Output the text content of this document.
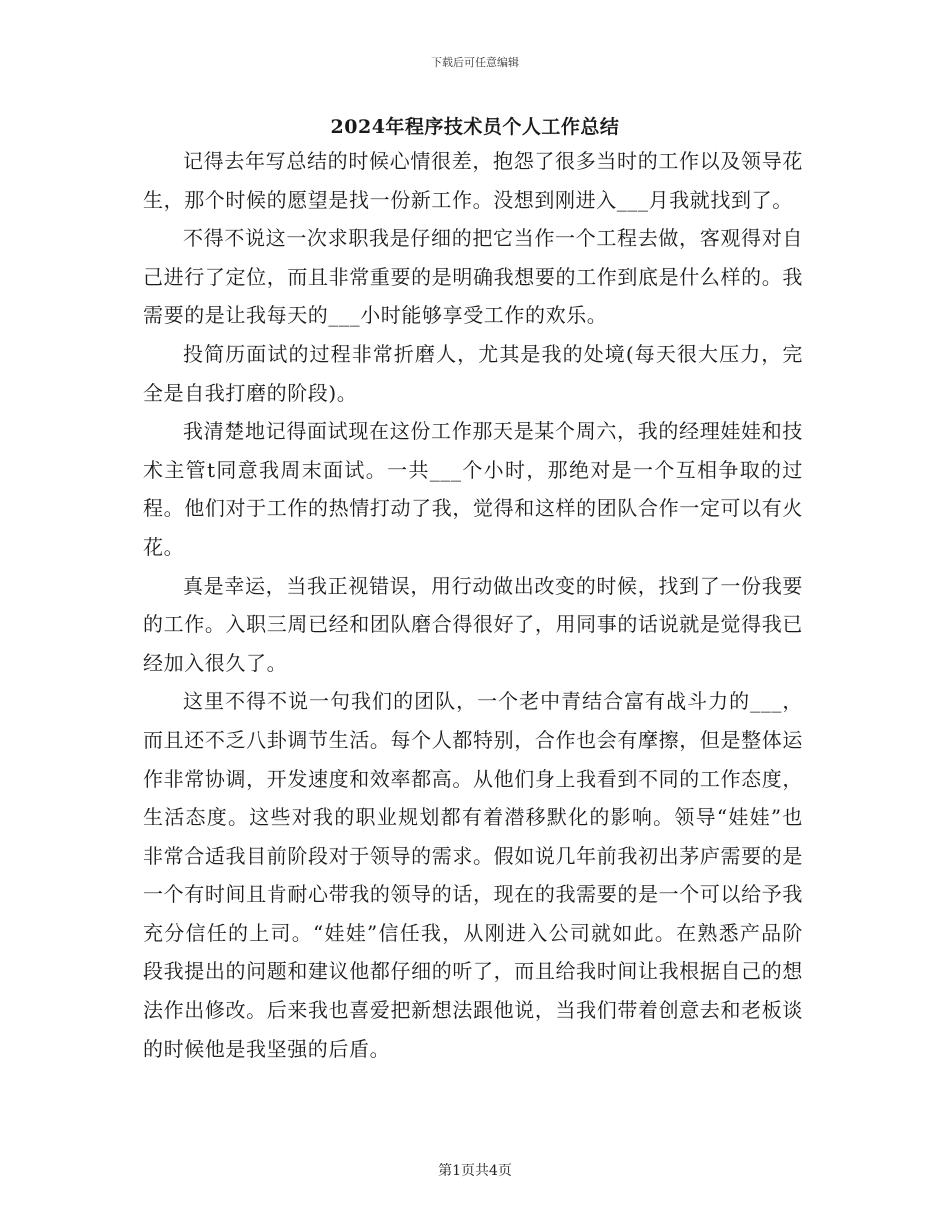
下载后可任意编辑
2024年程序技术员个人工作总结

记得去年写总结的时候心情很差，抱怨了很多当时的工作以及领导花生，那个时候的愿望是找一份新工作。没想到刚进入___月我就找到了。

不得不说这一次求职我是仔细的把它当作一个工程去做，客观得对自己进行了定位，而且非常重要的是明确我想要的工作到底是什么样的。我需要的是让我每天的___小时能够享受工作的欢乐。

投简历面试的过程非常折磨人，尤其是我的处境(每天很大压力，完全是自我打磨的阶段)。

我清楚地记得面试现在这份工作那天是某个周六，我的经理娃娃和技术主管t同意我周末面试。一共___个小时，那绝对是一个互相争取的过程。他们对于工作的热情打动了我，觉得和这样的团队合作一定可以有火花。

真是幸运，当我正视错误，用行动做出改变的时候，找到了一份我要的工作。入职三周已经和团队磨合得很好了，用同事的话说就是觉得我已经加入很久了。

这里不得不说一句我们的团队，一个老中青结合富有战斗力的___，而且还不乏八卦调节生活。每个人都特别，合作也会有摩擦，但是整体运作非常协调，开发速度和效率都高。从他们身上我看到不同的工作态度，生活态度。这些对我的职业规划都有着潜移默化的影响。领导“娃娃”也非常合适我目前阶段对于领导的需求。假如说几年前我初出茅庐需要的是一个有时间且肯耐心带我的领导的话，现在的我需要的是一个可以给予我充分信任的上司。“娃娃”信任我，从刚进入公司就如此。在熟悉产品阶段我提出的问题和建议他都仔细的听了，而且给我时间让我根据自己的想法作出修改。后来我也喜爱把新想法跟他说，当我们带着创意去和老板谈的时候他是我坚强的后盾。

第1页共4页
